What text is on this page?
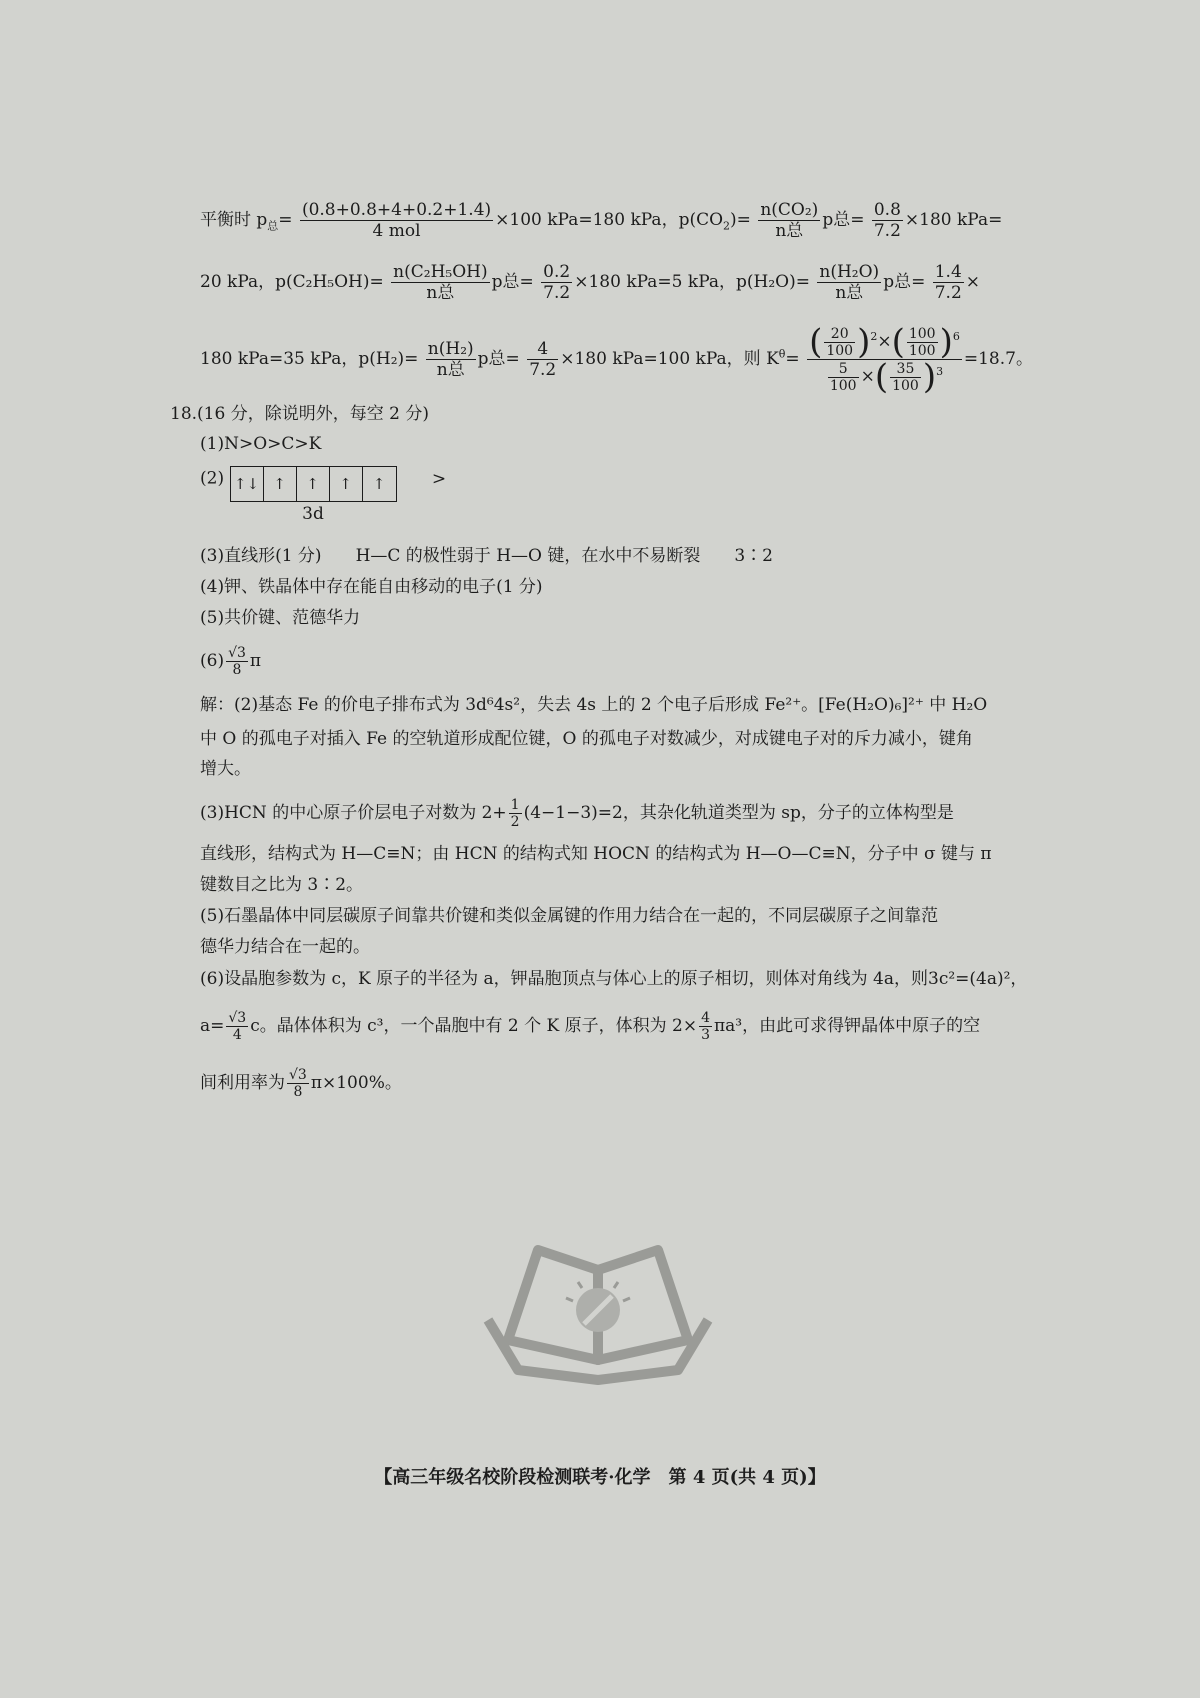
平衡时 $p_总= \frac{(0.8+0.8+4+0.2+1.4)}{\text{4 mol}} \times 100$ kPa=180 kPa，$p(CO_2)= \frac{\text{n(CO₂)}}{\text{n总}}$ p总= $\frac{0.8}{7.2} \times 180$ kPa=
20 kPa，$p(C_2H_5OH)= \frac{\text{n(C₂H₅OH)}}{\text{n总}}$ p总= $\frac{0.2}{7.2} \times 180$ kPa=5 kPa，$p(H_2O)= \frac{\text{n(H₂O)}}{\text{n总}}$ p总= $\frac{1.4}{7.2}$ ×
180 kPa=35 kPa，$p(H_2)= \frac{\text{n(H₂)}}{\text{n总}}$ p总= $\frac{4}{7.2} \times 180$ kPa=100 kPa，则 $K^\theta= \frac{( \frac{20}{100} )^2\times( \frac{100}{100} )^6}{\frac{5}{100} \times( \frac{35}{100} )^3} =18.7$。
18.(16 分，除说明外，每空 2 分)
(1)N>O>C>K
(2) ↑↓ ↑ ↑ ↑ ↑
3d
>
(3)直线形(1 分)　　H—C 的极性弱于 H—O 键，在水中不易断裂　　3∶2
(4)钾、铁晶体中存在能自由移动的电子(1 分)
(5)共价键、范德华力
$(6) \frac{√3}{8}$ π
解：(2)基态 Fe 的价电子排布式为 3d⁶4s²，失去 4s 上的 2 个电子后形成 Fe²⁺。[Fe(H₂O)₆]²⁺ 中 H₂O
中 O 的孤电子对插入 Fe 的空轨道形成配位键，O 的孤电子对数减少，对成键电子对的斥力减小，键角
增大。
(3)HCN 的中心原子价层电子对数为 $2+ \frac{1}{2} (4-1-3)=2$，其杂化轨道类型为 sp，分子的立体构型是
直线形，结构式为 H—C≡N；由 HCN 的结构式知 HOCN 的结构式为 H—O—C≡N，分子中 σ 键与 π
键数目之比为 3∶2。
(5)石墨晶体中同层碳原子间靠共价键和类似金属键的作用力结合在一起的，不同层碳原子之间靠范
德华力结合在一起的。
(6)设晶胞参数为 c，K 原子的半径为 a，钾晶胞顶点与体心上的原子相切，则体对角线为 4a，则3c²=(4a)²，
$a= \frac{√3}{4}$ c。晶体体积为 c³，一个晶胞中有 2 个 K 原子，体积为 $2\times \frac{4}{3} \pi a^3$，由此可求得钾晶体中原子的空
间利用率为 $\frac{√3}{8} \pi\times 100\%$。
【高三年级名校阶段检测联考·化学　第 4 页(共 4 页)】
